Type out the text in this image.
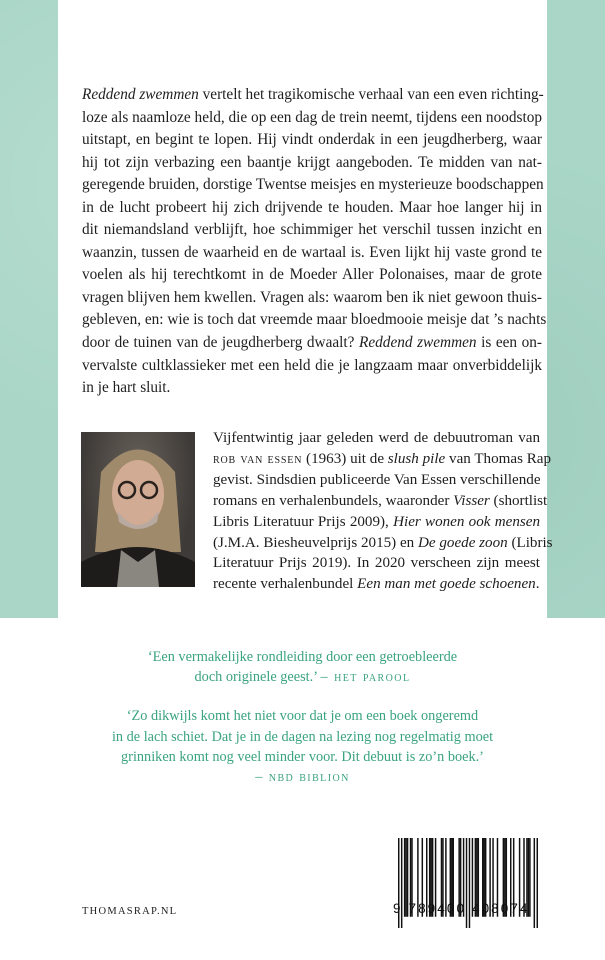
Reddend zwemmen vertelt het tragikomische verhaal van een even richting-
loze als naamloze held, die op een dag de trein neemt, tijdens een noodstop
uitstapt, en begint te lopen. Hij vindt onderdak in een jeugdherberg, waar
hij tot zijn verbazing een baantje krijgt aangeboden. Te midden van nat-
geregende bruiden, dorstige Twentse meisjes en mysterieuze boodschappen
in de lucht probeert hij zich drijvende te houden. Maar hoe langer hij in
dit niemandsland verblijft, hoe schimmiger het verschil tussen inzicht en
waanzin, tussen de waarheid en de wartaal is. Even lijkt hij vaste grond te
voelen als hij terechtkomt in de Moeder Aller Polonaises, maar de grote
vragen blijven hem kwellen. Vragen als: waarom ben ik niet gewoon thuis-
gebleven, en: wie is toch dat vreemde maar bloedmooie meisje dat ’s nachts
door de tuinen van de jeugdherberg dwaalt? Reddend zwemmen is een on-
vervalste cultklassieker met een held die je langzaam maar onverbiddelijk
in je hart sluit.
Vijfentwintig jaar geleden werd de debuutroman van
rob van essen (1963) uit de slush pile van Thomas Rap
gevist. Sindsdien publiceerde Van Essen verschillende
romans en verhalenbundels, waaronder Visser (shortlist
Libris Literatuur Prijs 2009), Hier wonen ook mensen
(J.M.A. Biesheuvelprijs 2015) en De goede zoon (Libris
Literatuur Prijs 2019). In 2020 verscheen zijn meest
recente verhalenbundel Een man met goede schoenen.
‘Een vermakelijke rondleiding door een getroebleerde
doch originele geest.’ – het parool
‘Zo dikwijls komt het niet voor dat je om een boek ongeremd
in de lach schiet. Dat je in de dagen na lezing nog regelmatig moet
grinniken komt nog veel minder voor. Dit debuut is zo’n boek.’
– nbd biblion
THOMASRAP.NL	9 789400 408074
